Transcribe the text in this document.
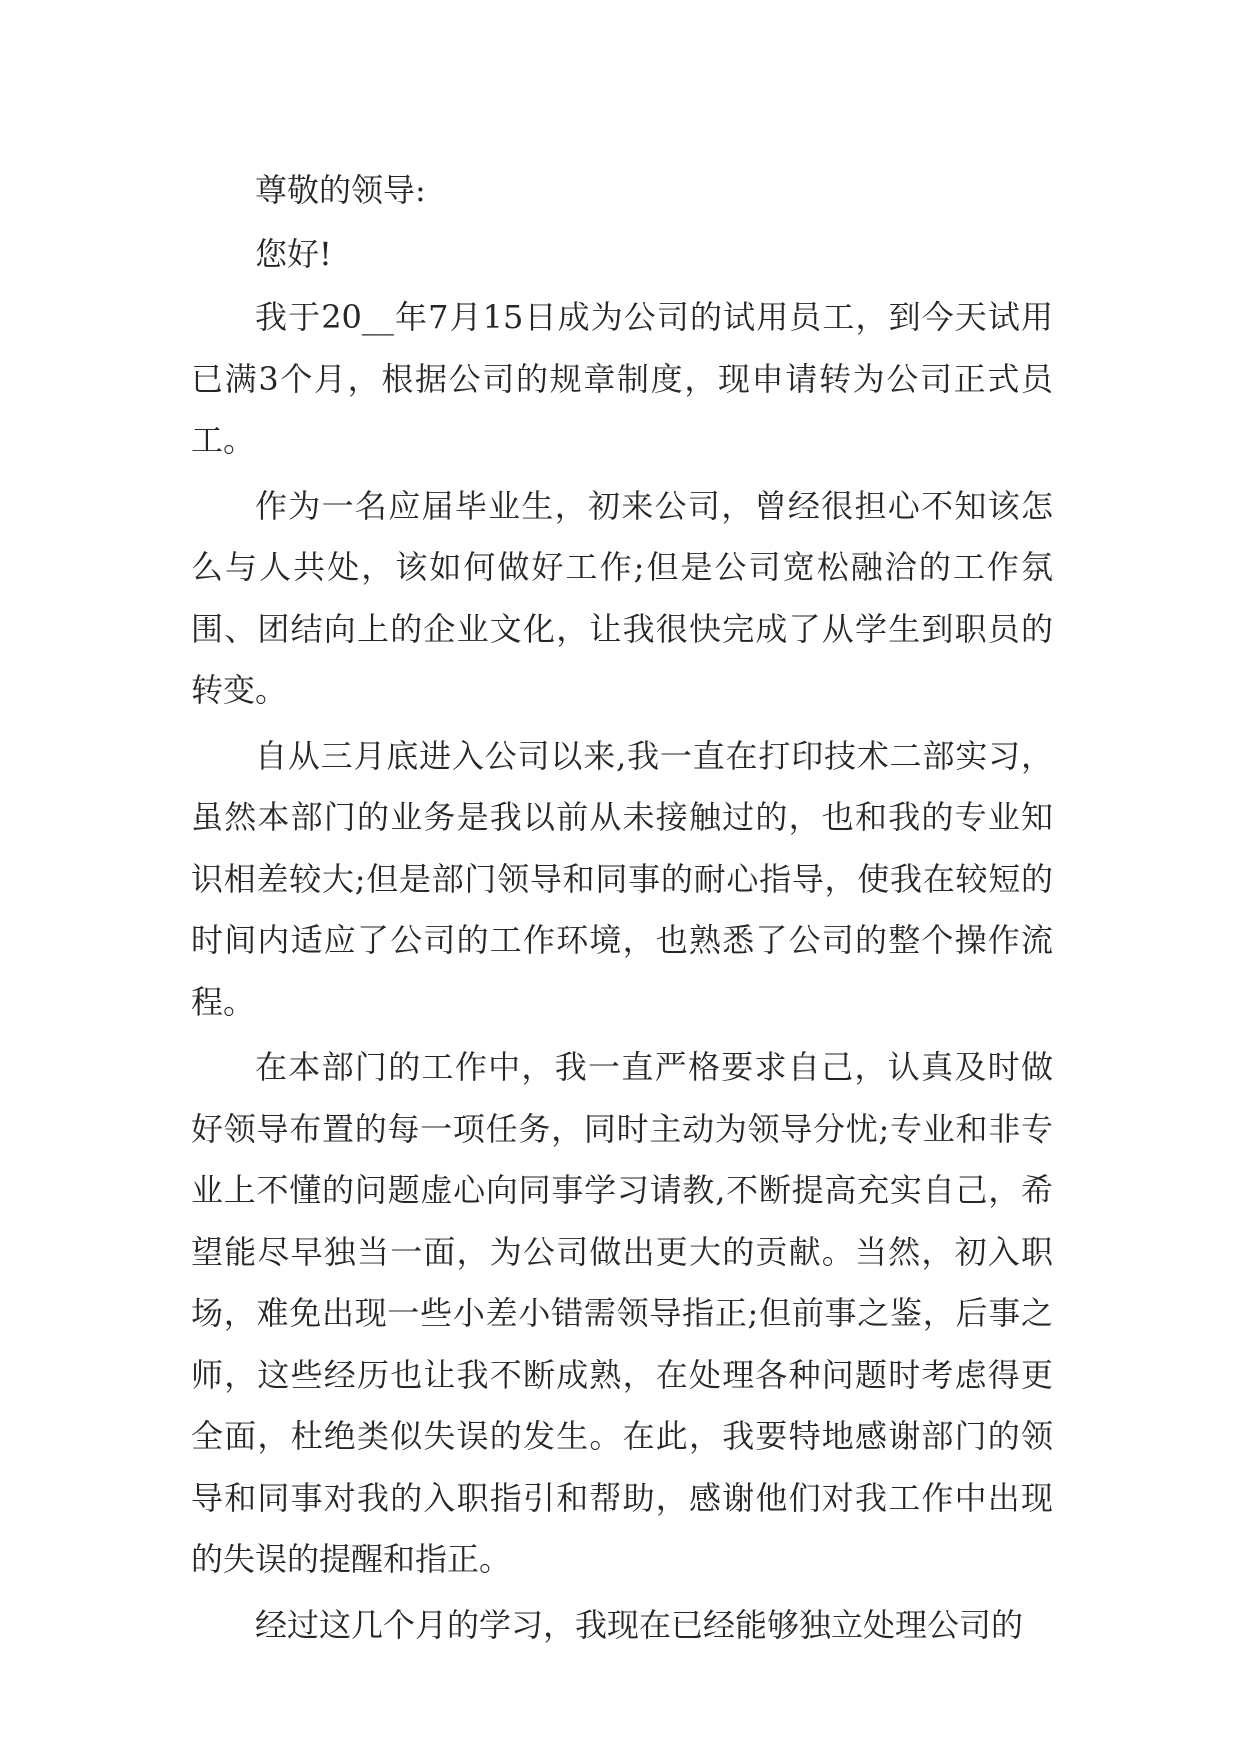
尊敬的领导:

您好!

我于20__年7月15日成为公司的试用员工，到今天试用已满3个月，根据公司的规章制度，现申请转为公司正式员工。

作为一名应届毕业生，初来公司，曾经很担心不知该怎么与人共处，该如何做好工作;但是公司宽松融洽的工作氛围、团结向上的企业文化，让我很快完成了从学生到职员的转变。

自从三月底进入公司以来,我一直在打印技术二部实习，虽然本部门的业务是我以前从未接触过的，也和我的专业知识相差较大;但是部门领导和同事的耐心指导，使我在较短的时间内适应了公司的工作环境，也熟悉了公司的整个操作流程。

在本部门的工作中，我一直严格要求自己，认真及时做好领导布置的每一项任务，同时主动为领导分忧;专业和非专业上不懂的问题虚心向同事学习请教,不断提高充实自己，希望能尽早独当一面，为公司做出更大的贡献。当然，初入职场，难免出现一些小差小错需领导指正;但前事之鉴，后事之师，这些经历也让我不断成熟，在处理各种问题时考虑得更全面，杜绝类似失误的发生。在此，我要特地感谢部门的领导和同事对我的入职指引和帮助，感谢他们对我工作中出现的失误的提醒和指正。

经过这几个月的学习，我现在已经能够独立处理公司的
